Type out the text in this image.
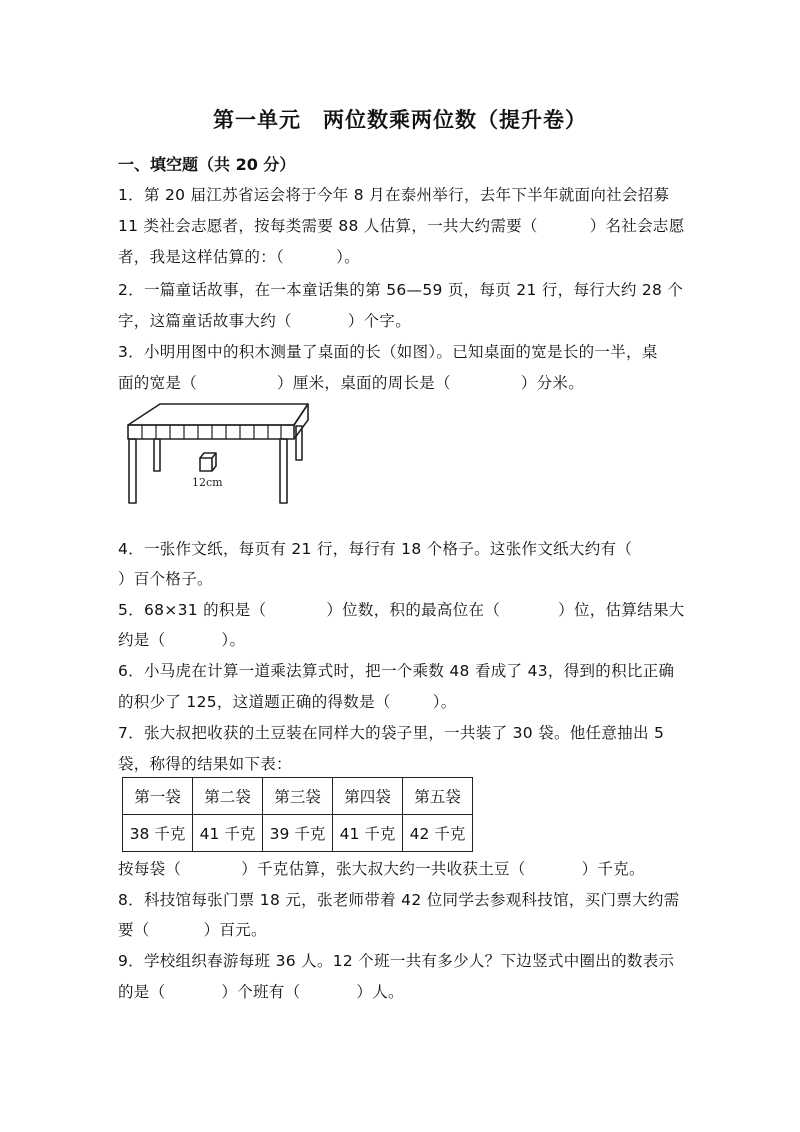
第一单元　两位数乘两位数（提升卷）
一、填空题（共 20 分）
1．第 20 届江苏省运会将于今年 8 月在泰州举行，去年下半年就面向社会招募
11 类社会志愿者，按每类需要 88 人估算，一共大约需要（	）名社会志愿
者，我是这样估算的：（	）。
2．一篇童话故事，在一本童话集的第 56—59 页，每页 21 行，每行大约 28 个
字，这篇童话故事大约（	）个字。
3．小明用图中的积木测量了桌面的长（如图）。已知桌面的宽是长的一半，桌
面的宽是（	）厘米，桌面的周长是（	）分米。
12cm
4．一张作文纸，每页有 21 行，每行有 18 个格子。这张作文纸大约有（
）百个格子。
5．68×31 的积是（	）位数，积的最高位在（	）位，估算结果大
约是（	）。
6．小马虎在计算一道乘法算式时，把一个乘数 48 看成了 43，得到的积比正确
的积少了 125，这道题正确的得数是（	）。
7．张大叔把收获的土豆装在同样大的袋子里，一共装了 30 袋。他任意抽出 5
袋，称得的结果如下表：
第一袋	第二袋	第三袋	第四袋	第五袋
38 千克	41 千克	39 千克	41 千克	42 千克
按每袋（	）千克估算，张大叔大约一共收获土豆（	）千克。
8．科技馆每张门票 18 元，张老师带着 42 位同学去参观科技馆，买门票大约需
要（	）百元。
9．学校组织春游每班 36 人。12 个班一共有多少人？下边竖式中圈出的数表示
的是（	）个班有（	）人。
